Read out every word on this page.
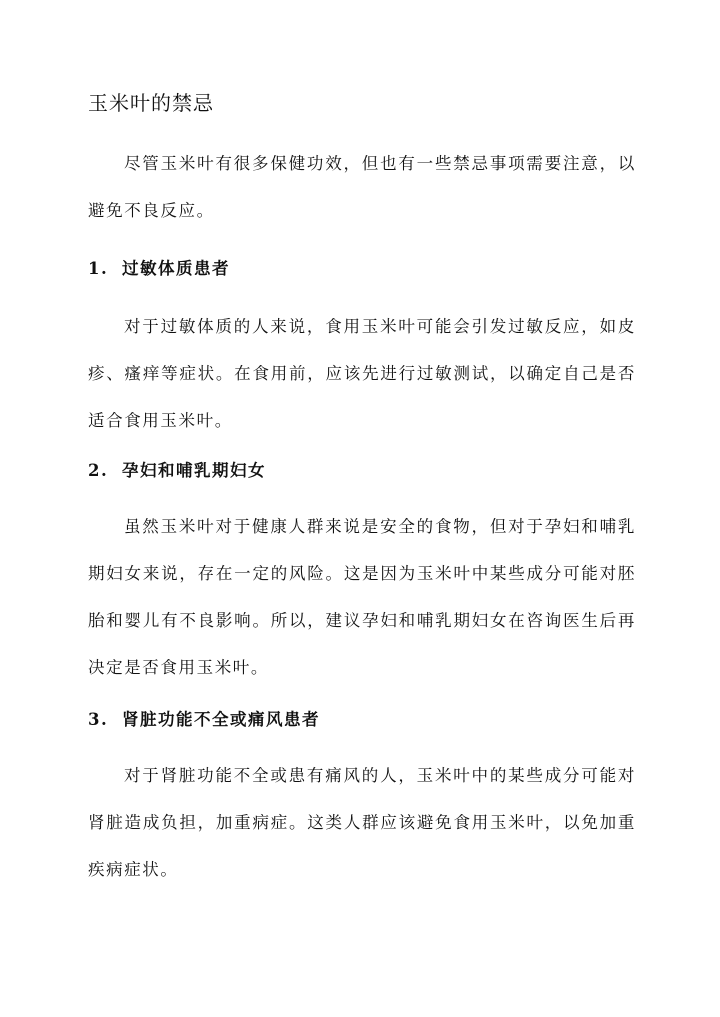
玉米叶的禁忌

尽管玉米叶有很多保健功效，但也有一些禁忌事项需要注意，以避免不良反应。

1. 过敏体质患者

对于过敏体质的人来说，食用玉米叶可能会引发过敏反应，如皮疹、瘙痒等症状。在食用前，应该先进行过敏测试，以确定自己是否适合食用玉米叶。

2. 孕妇和哺乳期妇女

虽然玉米叶对于健康人群来说是安全的食物，但对于孕妇和哺乳期妇女来说，存在一定的风险。这是因为玉米叶中某些成分可能对胚胎和婴儿有不良影响。所以，建议孕妇和哺乳期妇女在咨询医生后再决定是否食用玉米叶。

3. 肾脏功能不全或痛风患者

对于肾脏功能不全或患有痛风的人，玉米叶中的某些成分可能对肾脏造成负担，加重病症。这类人群应该避免食用玉米叶，以免加重疾病症状。
